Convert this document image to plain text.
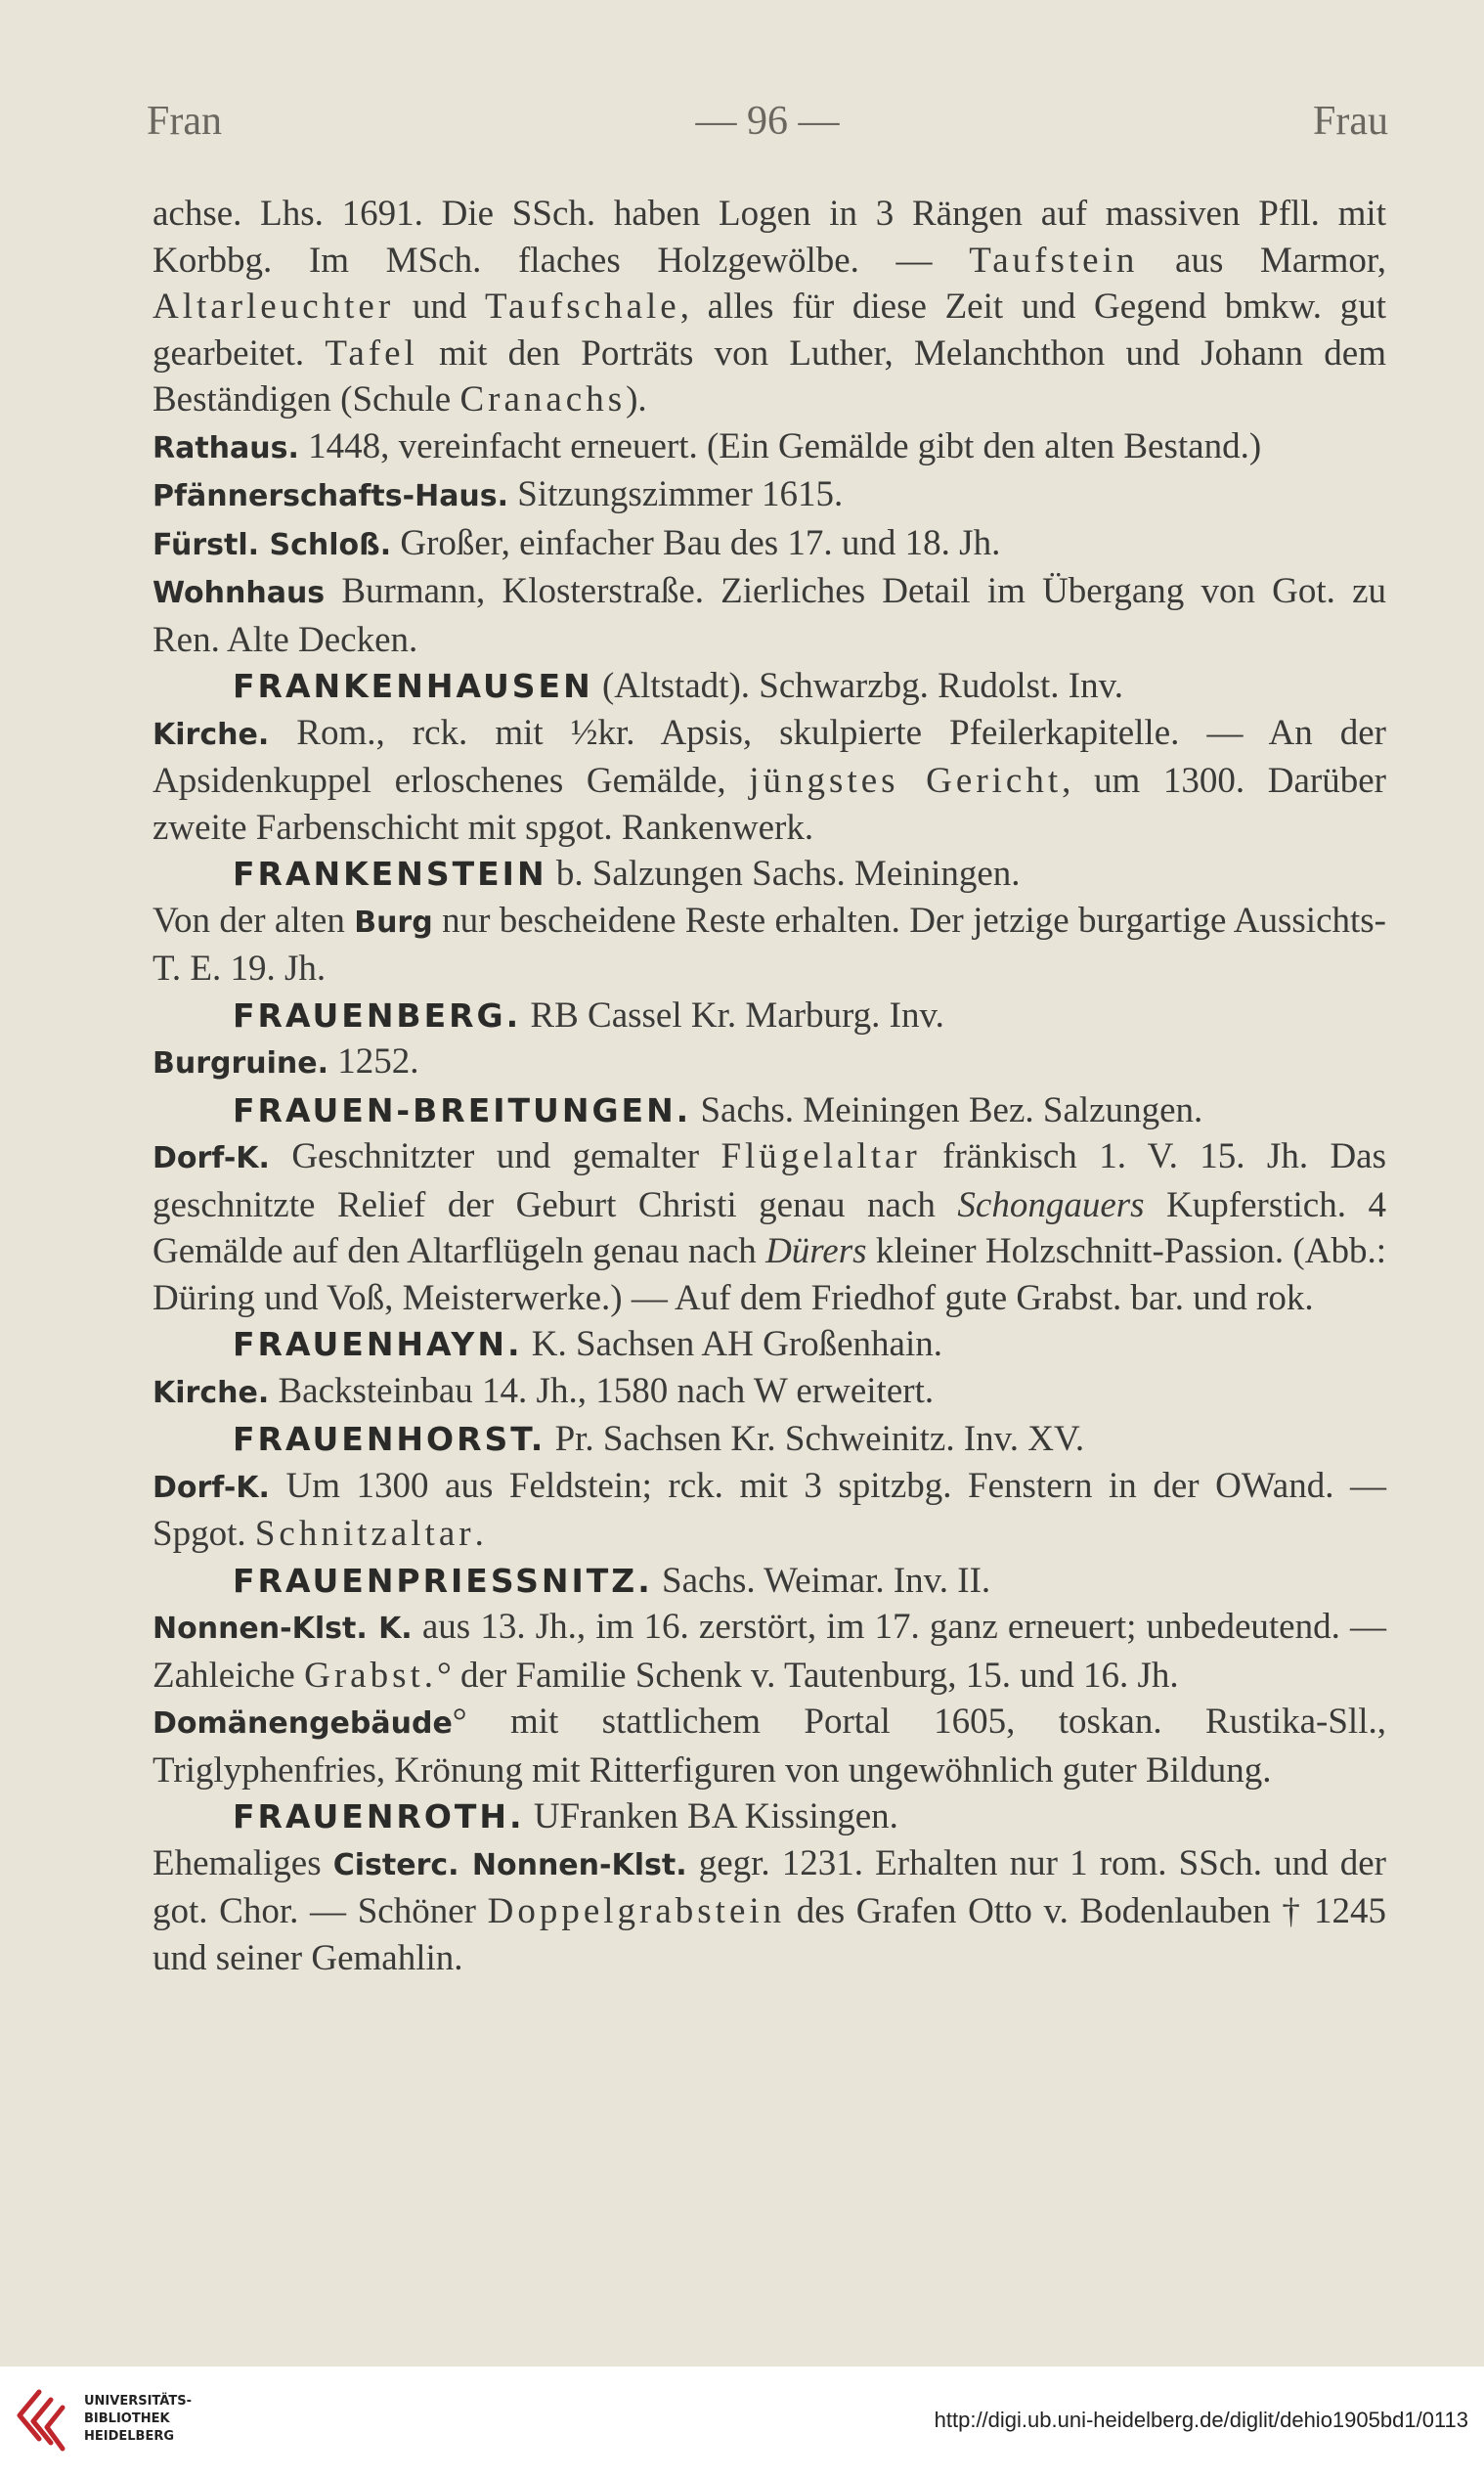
Fran	— 96 —	Frau

achse. Lhs. 1691. Die SSch. haben Logen in 3 Rängen auf massiven Pfll. mit Korbbg. Im MSch. flaches Holzgewölbe. — Taufstein aus Marmor, Altarleuchter und Taufschale, alles für diese Zeit und Gegend bmkw. gut gearbeitet. Tafel mit den Porträts von Luther, Melanchthon und Johann dem Beständigen (Schule Cranachs).

Rathaus. 1448, vereinfacht erneuert. (Ein Gemälde gibt den alten Bestand.)

Pfännerschafts-Haus. Sitzungszimmer 1615.

Fürstl. Schloß. Großer, einfacher Bau des 17. und 18. Jh.

Wohnhaus Burmann, Klosterstraße. Zierliches Detail im Übergang von Got. zu Ren. Alte Decken.

FRANKENHAUSEN (Altstadt). Schwarzbg. Rudolst. Inv.

Kirche. Rom., rck. mit ½kr. Apsis, skulpierte Pfeilerkapitelle. — An der Apsidenkuppel erloschenes Gemälde, jüngstes Gericht, um 1300. Darüber zweite Farbenschicht mit spgot. Rankenwerk.

FRANKENSTEIN b. Salzungen Sachs. Meiningen.

Von der alten Burg nur bescheidene Reste erhalten. Der jetzige burgartige Aussichts-T. E. 19. Jh.

FRAUENBERG. RB Cassel Kr. Marburg. Inv.

Burgruine. 1252.

FRAUEN-BREITUNGEN. Sachs. Meiningen Bez. Salzungen.

Dorf-K. Geschnitzter und gemalter Flügelaltar fränkisch 1. V. 15. Jh. Das geschnitzte Relief der Geburt Christi genau nach Schongauers Kupferstich. 4 Gemälde auf den Altarflügeln genau nach Dürers kleiner Holzschnitt-Passion. (Abb.: Düring und Voß, Meisterwerke.) — Auf dem Friedhof gute Grabst. bar. und rok.

FRAUENHAYN. K. Sachsen AH Großenhain.

Kirche. Backsteinbau 14. Jh., 1580 nach W erweitert.

FRAUENHORST. Pr. Sachsen Kr. Schweinitz. Inv. XV.

Dorf-K. Um 1300 aus Feldstein; rck. mit 3 spitzbg. Fenstern in der OWand. — Spgot. Schnitzaltar.

FRAUENPRIESSNITZ. Sachs. Weimar. Inv. II.

Nonnen-Klst. K. aus 13. Jh., im 16. zerstört, im 17. ganz erneuert; unbedeutend. — Zahleiche Grabst.° der Familie Schenk v. Tautenburg, 15. und 16. Jh.

Domänengebäude° mit stattlichem Portal 1605, toskan. Rustika-Sll., Triglyphenfries, Krönung mit Ritterfiguren von ungewöhnlich guter Bildung.

FRAUENROTH. UFranken BA Kissingen.

Ehemaliges Cisterc. Nonnen-Klst. gegr. 1231. Erhalten nur 1 rom. SSch. und der got. Chor. — Schöner Doppelgrabstein des Grafen Otto v. Bodenlauben † 1245 und seiner Gemahlin.

UNIVERSITÄTS-
BIBLIOTHEK
HEIDELBERG
http://digi.ub.uni-heidelberg.de/diglit/dehio1905bd1/0113
